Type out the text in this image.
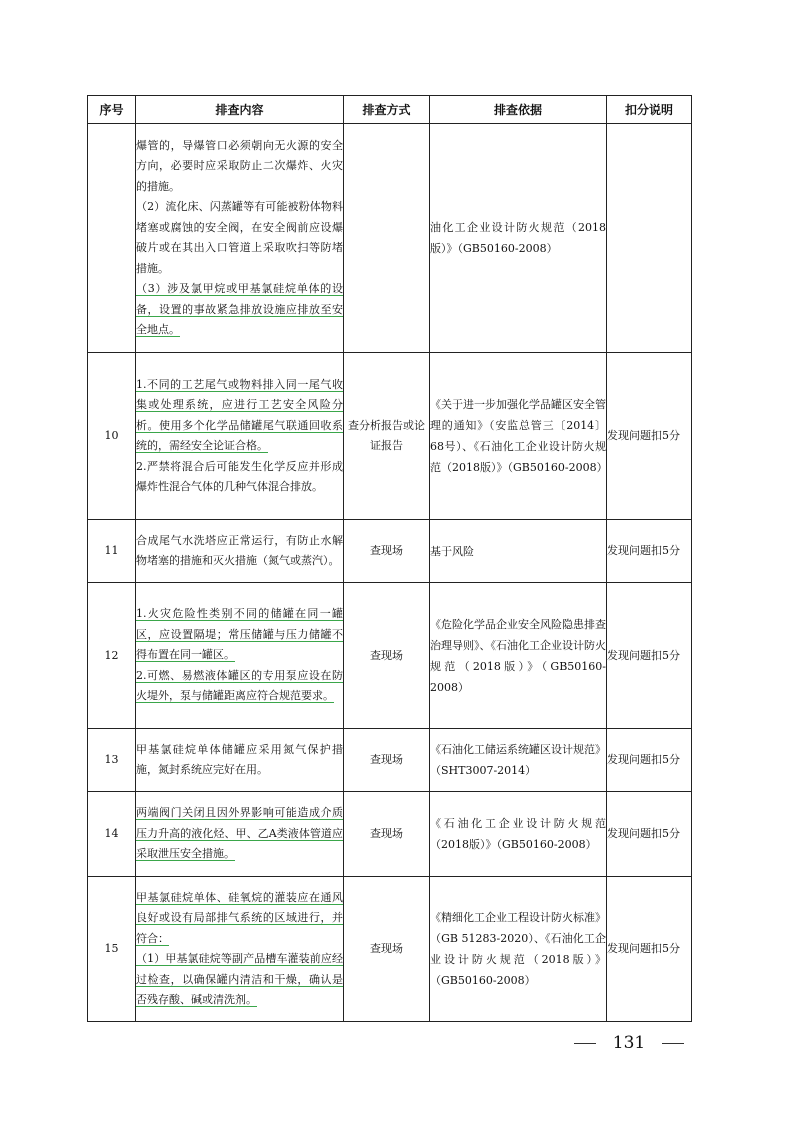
序号	排查内容	排查方式	排查依据	扣分说明

	爆管的，导爆管口必须朝向无火源的安全方向，必要时应采取防止二次爆炸、火灾的措施。

（2）流化床、闪蒸罐等有可能被粉体物料堵塞或腐蚀的安全阀，在安全阀前应设爆破片或在其出入口管道上采取吹扫等防堵措施。

（3）涉及氯甲烷或甲基氯硅烷单体的设备，设置的事故紧急排放设施应排放至安全地点。		油化工企业设计防火规范（2018版）》（GB50160-2008）	
10	1.不同的工艺尾气或物料排入同一尾气收集或处理系统，应进行工艺安全风险分析。使用多个化学品储罐尾气联通回收系统的，需经安全论证合格。

2.严禁将混合后可能发生化学反应并形成爆炸性混合气体的几种气体混合排放。	查分析报告或论证报告	《关于进一步加强化学品罐区安全管理的通知》（安监总管三〔2014〕68号）、《石油化工企业设计防火规范（2018版）》（GB50160-2008）	发现问题扣5分
11	合成尾气水洗塔应正常运行，有防止水解物堵塞的措施和灭火措施（氮气或蒸汽）。	查现场	基于风险	发现问题扣5分
12	1.火灾危险性类别不同的储罐在同一罐区，应设置隔堤；常压储罐与压力储罐不得布置在同一罐区。

2.可燃、易燃液体罐区的专用泵应设在防火堤外，泵与储罐距离应符合规范要求。	查现场	《危险化学品企业安全风险隐患排查治理导则》、《石油化工企业设计防火规范（2018版）》（GB50160-2008）	发现问题扣5分
13	甲基氯硅烷单体储罐应采用氮气保护措施，氮封系统应完好在用。	查现场	《石油化工储运系统罐区设计规范》（SHT3007-2014）	发现问题扣5分
14	两端阀门关闭且因外界影响可能造成介质压力升高的液化烃、甲、乙A类液体管道应采取泄压安全措施。	查现场	《石油化工企业设计防火规范（2018版）》（GB50160-2008）	发现问题扣5分
15	甲基氯硅烷单体、硅氧烷的灌装应在通风良好或设有局部排气系统的区域进行，并符合：

（1）甲基氯硅烷等副产品槽车灌装前应经过检查，以确保罐内清洁和干燥，确认是否残存酸、碱或清洗剂。	查现场	《精细化工企业工程设计防火标准》（GB 51283-2020）、《石油化工企业设计防火规范（2018版）》（GB50160-2008）	发现问题扣5分
131
